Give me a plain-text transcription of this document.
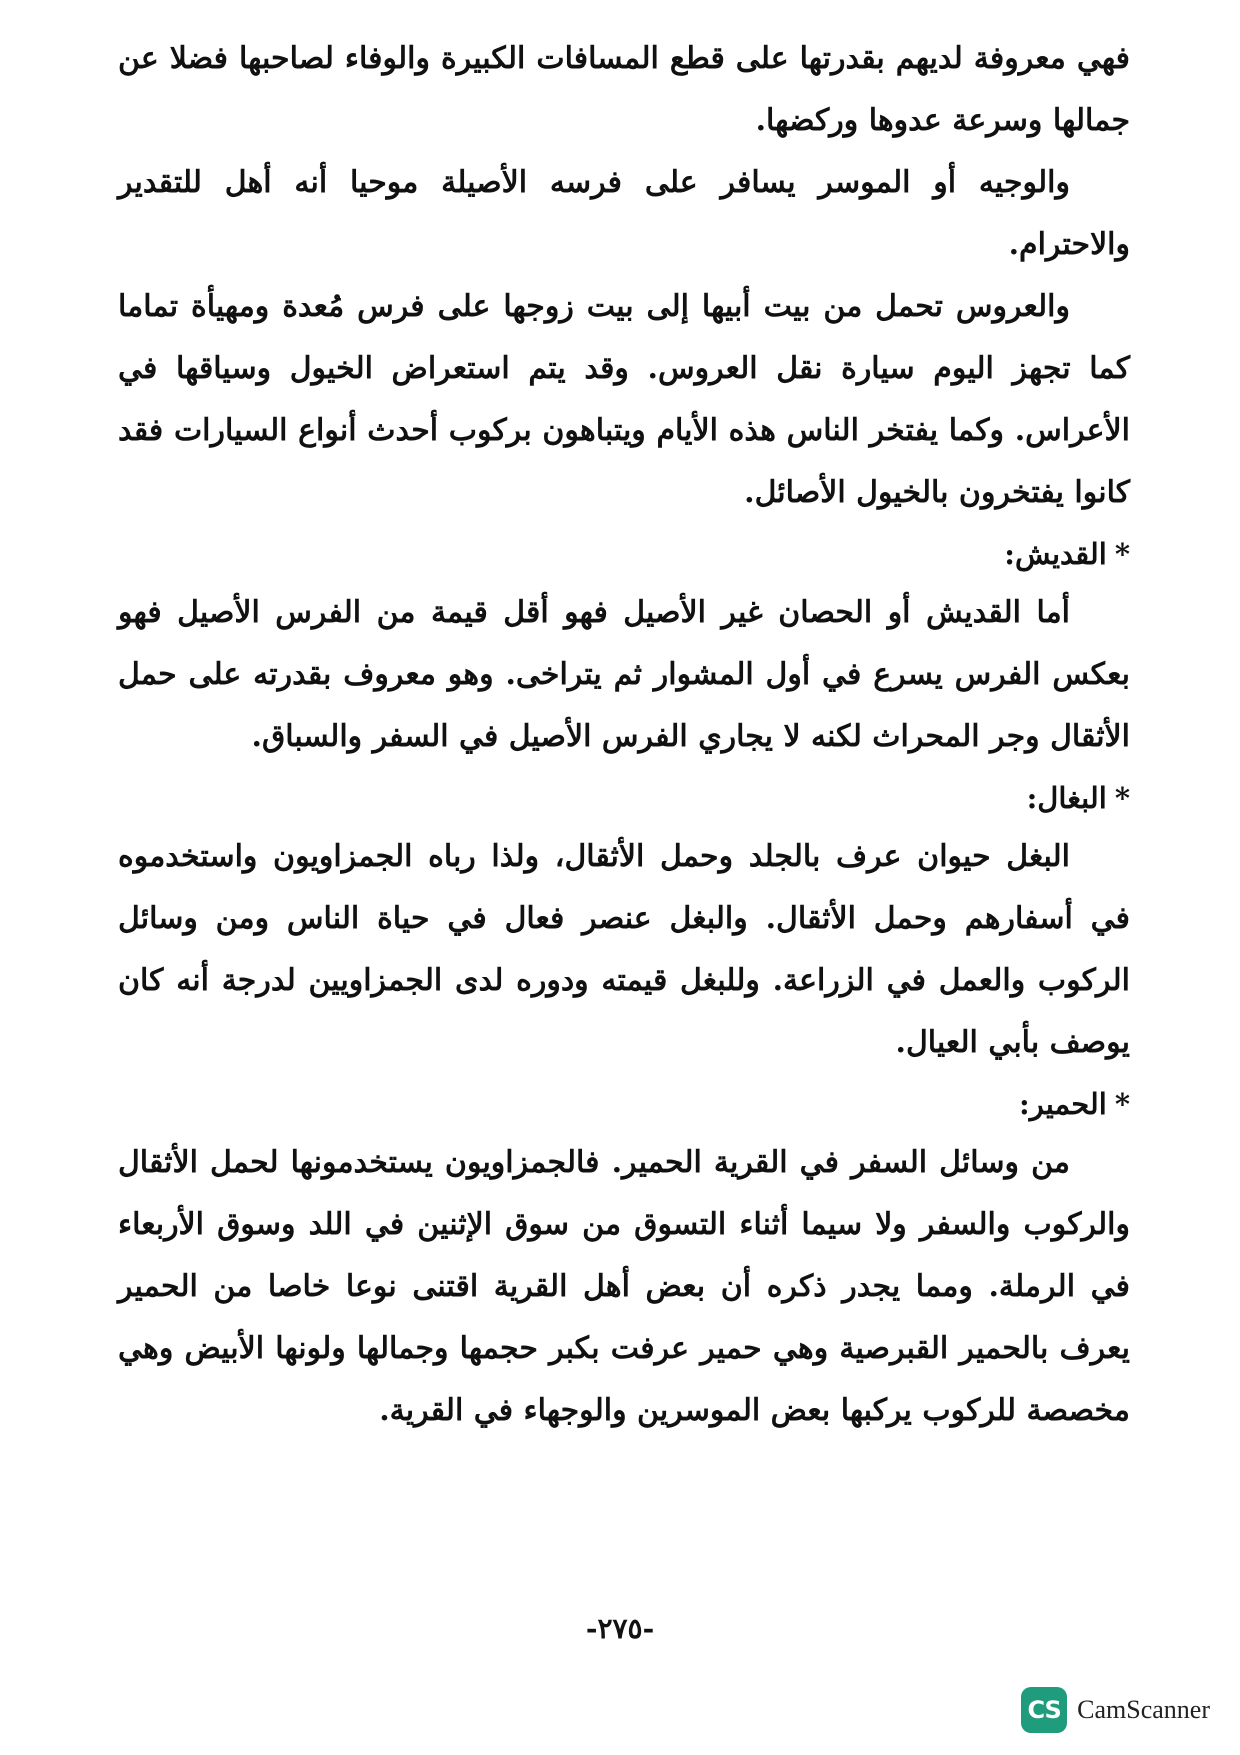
فهي معروفة لديهم بقدرتها على قطع المسافات الكبيرة والوفاء لصاحبها فضلا عن جمالها وسرعة عدوها وركضها.

والوجيه أو الموسر يسافر على فرسه الأصيلة موحيا أنه أهل للتقدير والاحترام.

والعروس تحمل من بيت أبيها إلى بيت زوجها على فرس مُعدة ومهيأة تماما كما تجهز اليوم سيارة نقل العروس. وقد يتم استعراض الخيول وسياقها في الأعراس. وكما يفتخر الناس هذه الأيام ويتباهون بركوب أحدث أنواع السيارات فقد كانوا يفتخرون بالخيول الأصائل.

*القديش:

أما القديش أو الحصان غير الأصيل فهو أقل قيمة من الفرس الأصيل فهو بعكس الفرس يسرع في أول المشوار ثم يتراخى. وهو معروف بقدرته على حمل الأثقال وجر المحراث لكنه لا يجاري الفرس الأصيل في السفر والسباق.

*البغال:

البغل حيوان عرف بالجلد وحمل الأثقال، ولذا رباه الجمزاويون واستخدموه في أسفارهم وحمل الأثقال. والبغل عنصر فعال في حياة الناس ومن وسائل الركوب والعمل في الزراعة. وللبغل قيمته ودوره لدى الجمزاويين لدرجة أنه كان يوصف بأبي العيال.

*الحمير:

من وسائل السفر في القرية الحمير. فالجمزاويون يستخدمونها لحمل الأثقال والركوب والسفر ولا سيما أثناء التسوق من سوق الإثنين في اللد وسوق الأربعاء في الرملة. ومما يجدر ذكره أن بعض أهل القرية اقتنى نوعا خاصا من الحمير يعرف بالحمير القبرصية وهي حمير عرفت بكبر حجمها وجمالها ولونها الأبيض وهي مخصصة للركوب يركبها بعض الموسرين والوجهاء في القرية.

-٢٧٥-
CS CamScanner
